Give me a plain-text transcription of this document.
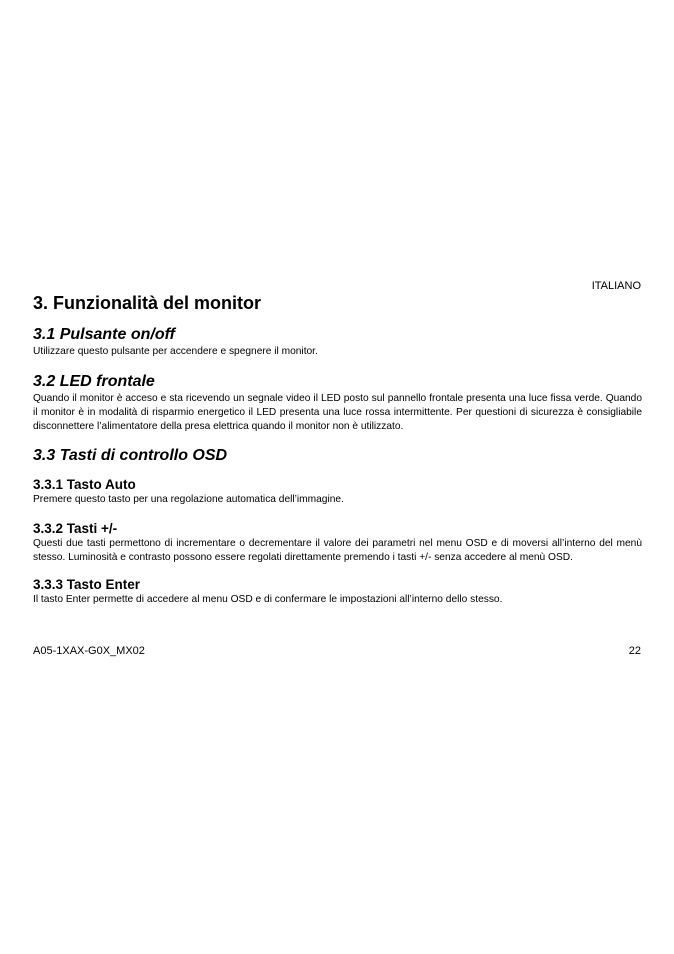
ITALIANO
3. Funzionalità del monitor
3.1 Pulsante on/off

Utilizzare questo pulsante per accendere e spegnere il monitor.

3.2 LED frontale

Quando il monitor è acceso e sta ricevendo un segnale video il LED posto sul pannello frontale presenta una luce fissa verde. Quando il monitor è in modalità di risparmio energetico il LED presenta una luce rossa intermittente. Per questioni di sicurezza è consigliabile disconnettere l’alimentatore della presa elettrica quando il monitor non è utilizzato.

3.3 Tasti di controllo OSD
3.3.1 Tasto Auto

Premere questo tasto per una regolazione automatica dell’immagine.

3.3.2 Tasti +/-

Questi due tasti permettono di incrementare o decrementare il valore dei parametri nel menu OSD e di moversi all’interno del menù stesso. Luminosità e contrasto possono essere regolati direttamente premendo i tasti +/- senza accedere al menù OSD.

3.3.3 Tasto Enter

Il tasto Enter permette di accedere al menu OSD e di confermare le impostazioni all’interno dello stesso.

A05-1XAX-G0X_MX02	22
